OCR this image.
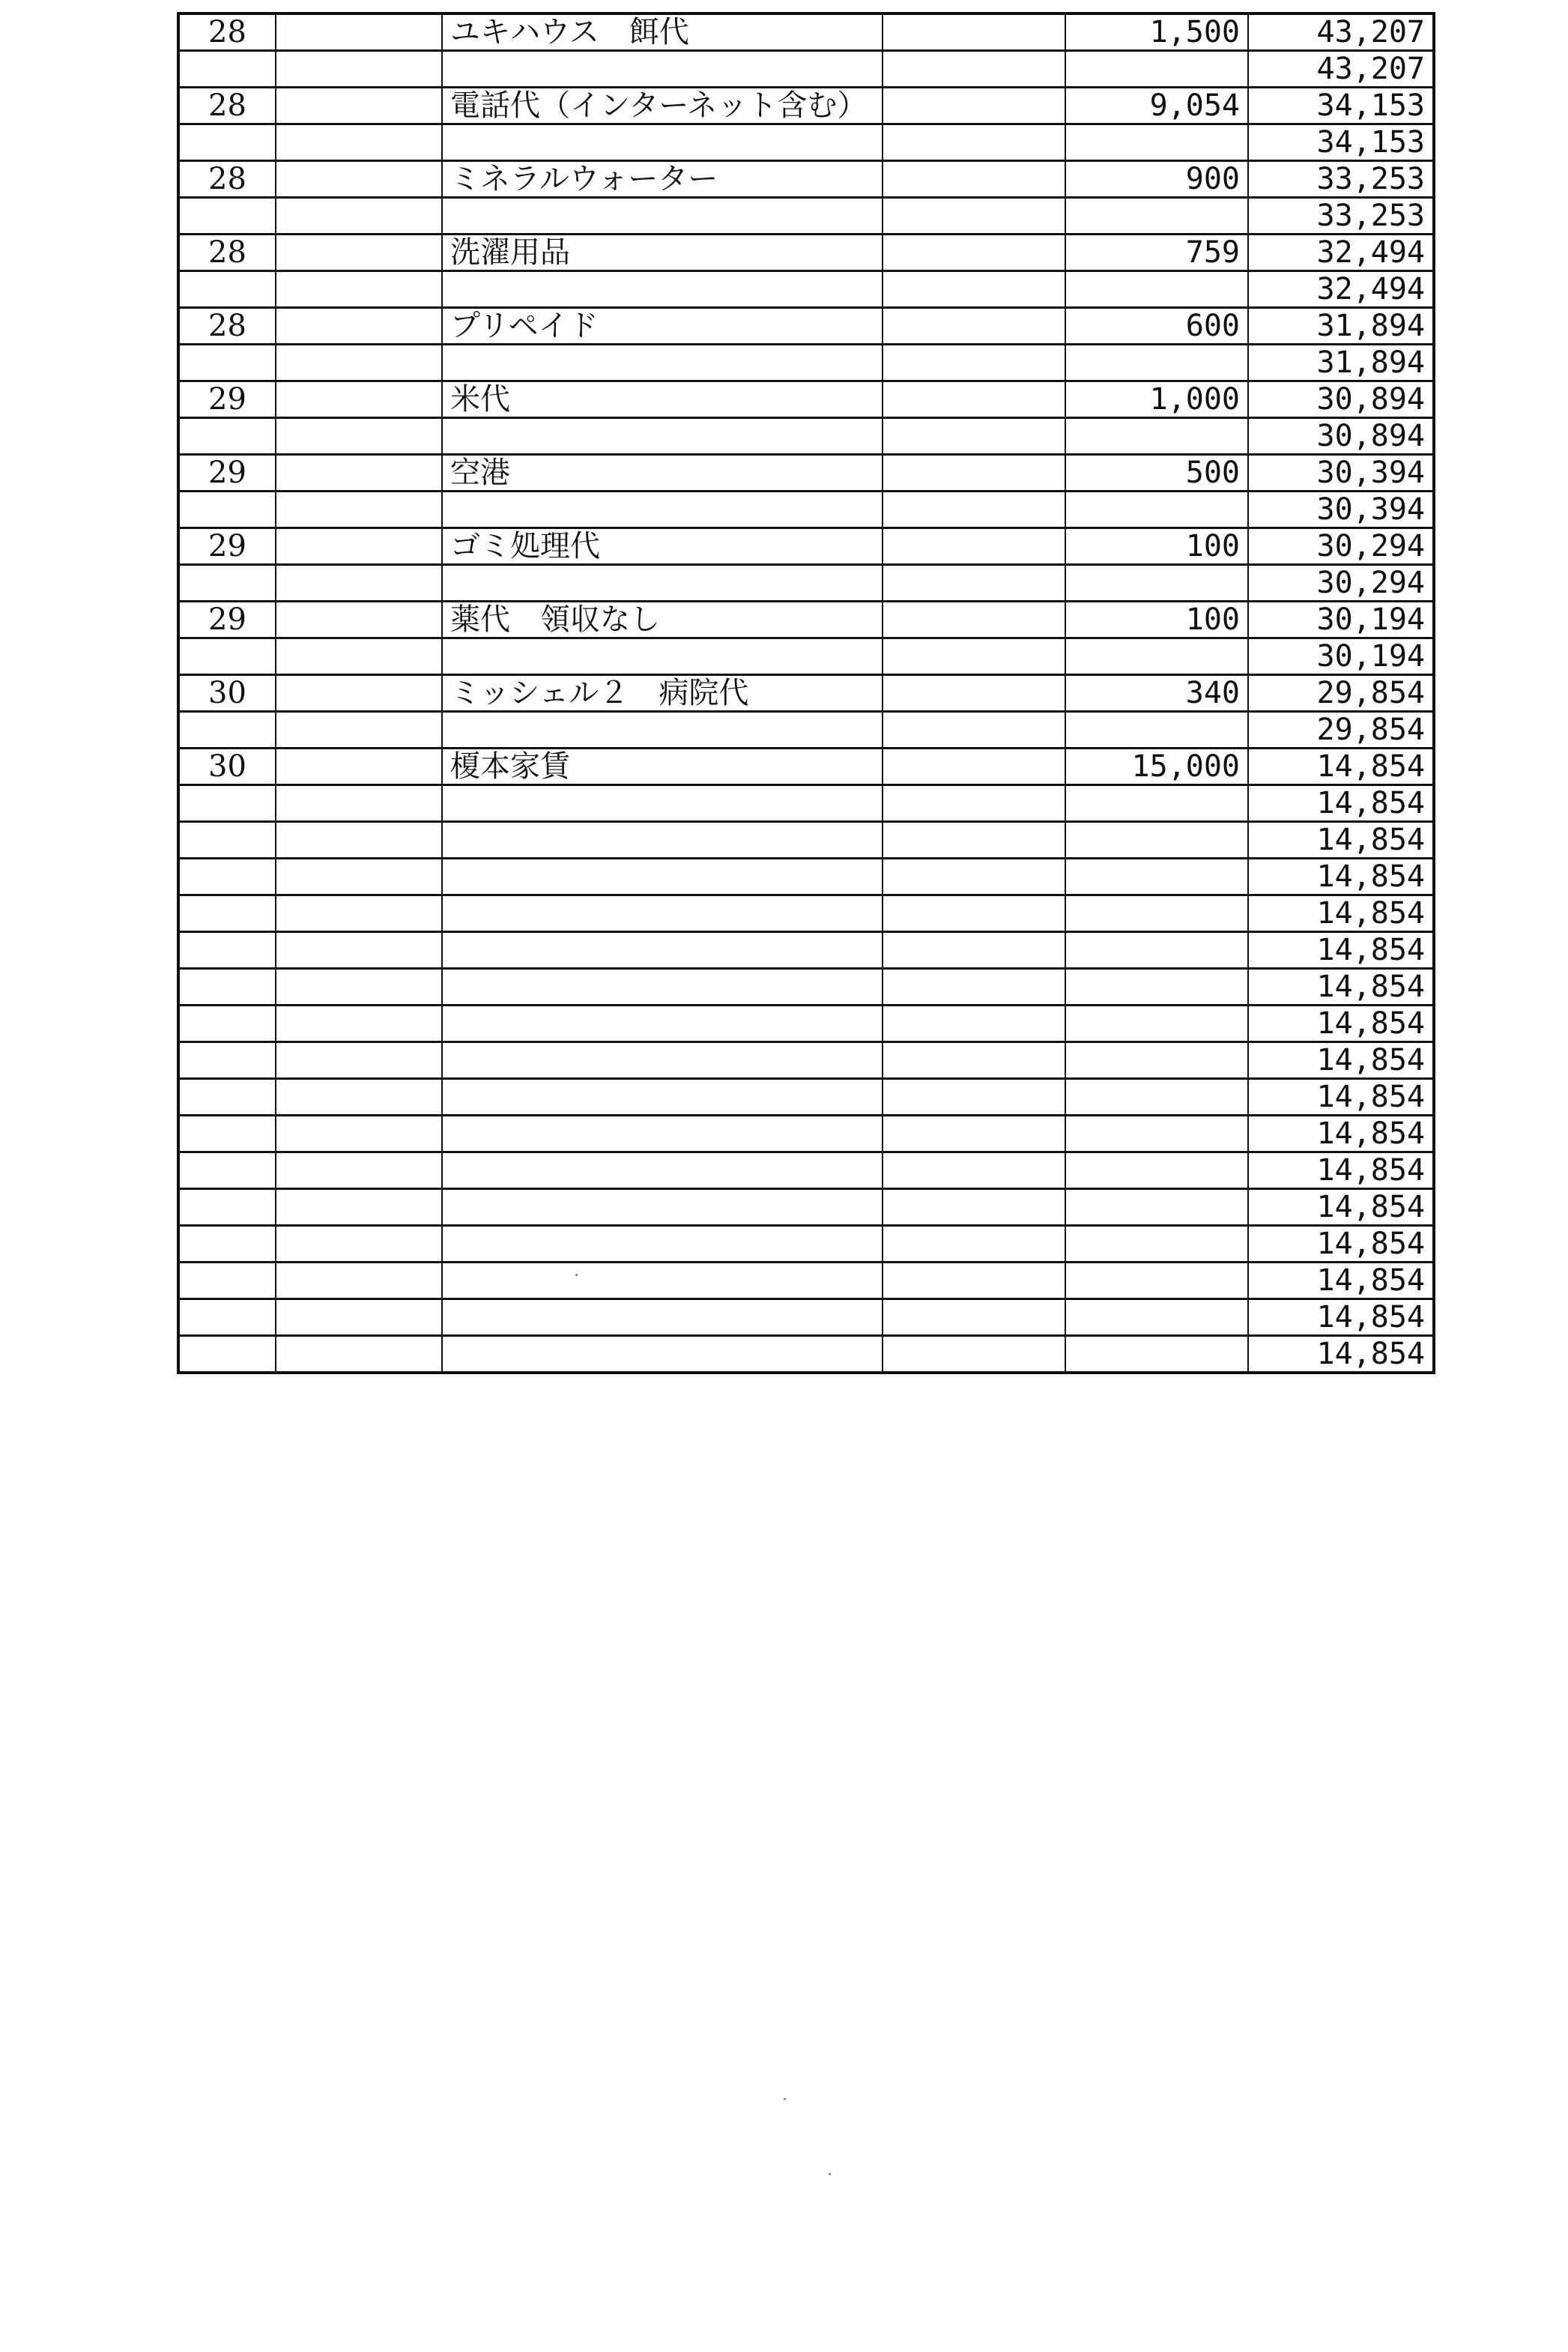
28		ユキハウス　餌代		1,500	43,207
					43,207
28		電話代（インターネット含む）		9,054	34,153
					34,153
28		ミネラルウォーター		900	33,253
					33,253
28		洗濯用品		759	32,494
					32,494
28		プリペイド		600	31,894
					31,894
29		米代		1,000	30,894
					30,894
29		空港		500	30,394
					30,394
29		ゴミ処理代		100	30,294
					30,294
29		薬代　領収なし		100	30,194
					30,194
30		ミッシェル２　病院代		340	29,854
					29,854
30		榎本家賃		15,000	14,854
					14,854
					14,854
					14,854
					14,854
					14,854
					14,854
					14,854
					14,854
					14,854
					14,854
					14,854
					14,854
					14,854
					14,854
					14,854
					14,854
